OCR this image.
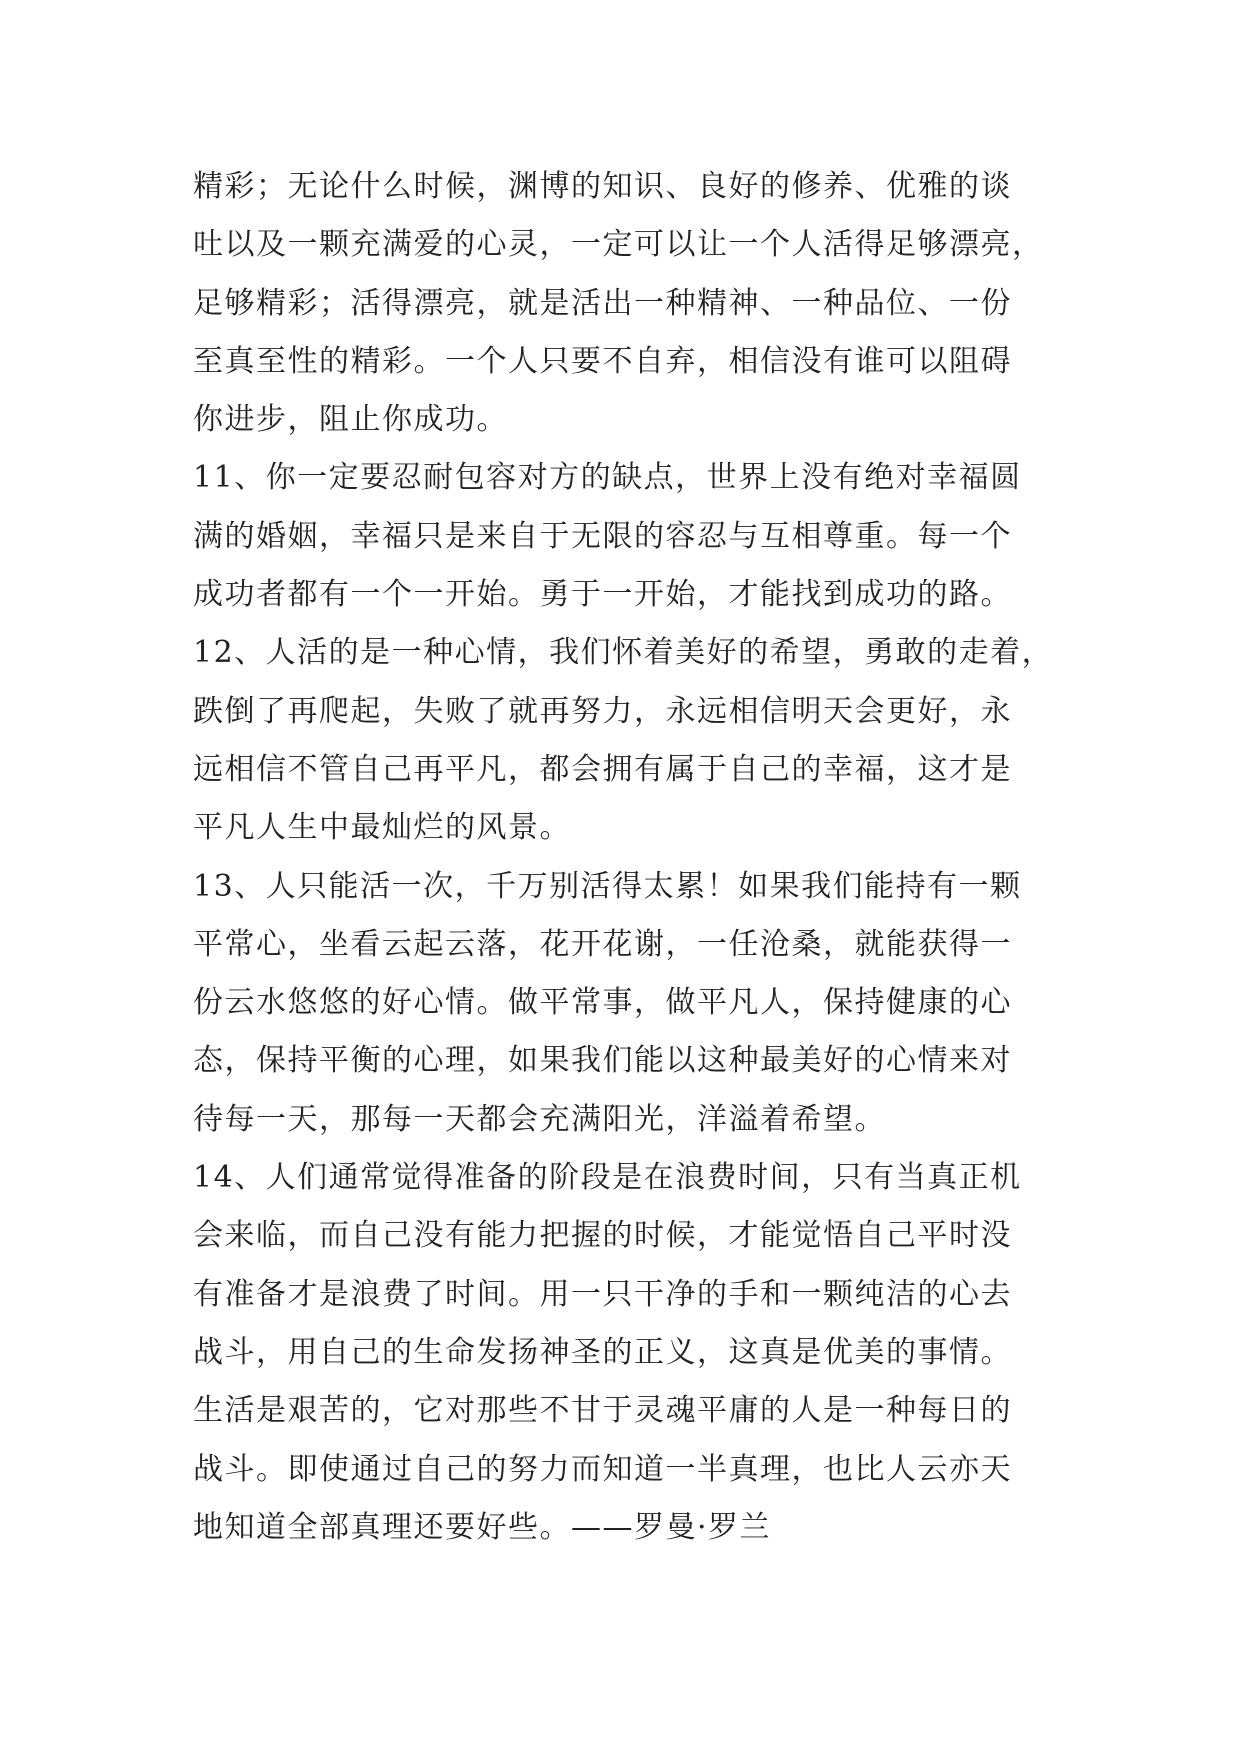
精彩；无论什么时候，渊博的知识、良好的修养、优雅的谈
吐以及一颗充满爱的心灵，一定可以让一个人活得足够漂亮，
足够精彩；活得漂亮，就是活出一种精神、一种品位、一份
至真至性的精彩。一个人只要不自弃，相信没有谁可以阻碍
你进步，阻止你成功。
11、你一定要忍耐包容对方的缺点，世界上没有绝对幸福圆
满的婚姻，幸福只是来自于无限的容忍与互相尊重。每一个
成功者都有一个一开始。勇于一开始，才能找到成功的路。
12、人活的是一种心情，我们怀着美好的希望，勇敢的走着，
跌倒了再爬起，失败了就再努力，永远相信明天会更好，永
远相信不管自己再平凡，都会拥有属于自己的幸福，这才是
平凡人生中最灿烂的风景。
13、人只能活一次，千万别活得太累！如果我们能持有一颗
平常心，坐看云起云落，花开花谢，一任沧桑，就能获得一
份云水悠悠的好心情。做平常事，做平凡人，保持健康的心
态，保持平衡的心理，如果我们能以这种最美好的心情来对
待每一天，那每一天都会充满阳光，洋溢着希望。
14、人们通常觉得准备的阶段是在浪费时间，只有当真正机
会来临，而自己没有能力把握的时候，才能觉悟自己平时没
有准备才是浪费了时间。用一只干净的手和一颗纯洁的心去
战斗，用自己的生命发扬神圣的正义，这真是优美的事情。
生活是艰苦的，它对那些不甘于灵魂平庸的人是一种每日的
战斗。即使通过自己的努力而知道一半真理，也比人云亦天
地知道全部真理还要好些。——罗曼·罗兰
